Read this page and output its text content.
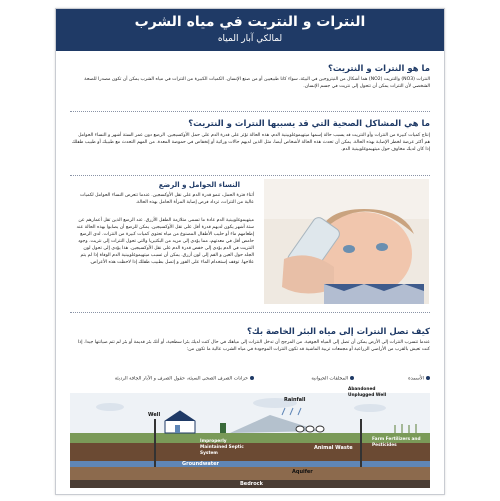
النترات و النتريت في مياه الشرب
لمالكي آبار المياه
ما هو النترات و النتريت؟
النترات (NO3) والنتريت (NO2) هما أشكال من النيتروجين في البيئة، سواء كانا طبيعيين أو من صنع الإنسان. الكميات الكبيرة من النترات في مياه الشرب يمكن أن تكون مصدرا للصحة الشخصي لأن النترات يمكن أن تتحول إلى نتريت في جسم الإنسان.
ما هي المشاكل الصحية التي قد يسببها النترات و النتريت؟
إنتاج كميات كبيرة من النترات وأو النتريت قد يسبب حالة إسمها ميتهيموغلوبينية الدم، هذه الحالة تؤثر على قدرة الدم على حمل الأوكسيجين. الرضع دون عمر الستة أشهر و النساء الحوامل هم أكثر عرضة لخطر الإصابة بهذه الحالة. يمكن أن تحدث هذه الحالة لأشخاص أيضا، مثل الذين لديهم حالات وراثية أو إنخفاض في حموضة المعدة. من المهم التحدث مع طبيبك أو طبيب طفلك إذا كان لديك مخاوف حول ميتهيموغلوبينية الدم.
النساء الحوامل و الرضع
أثناء فترة الحمل، تنمو قدرة الدم على نقل الأوكسجين. عندما تتعرض النساء الحوامل لكميات عالية من النترات، تزداد فرص إصابة المرأة الحامل بهذه الحالة.
ميتهيموغلوبينية الدم عادة ما تسمى متلازمة الطفل الأزرق. عند الرضع الذين تقل أعمارهم عن ستة أشهر يكون لديهم قدرة أقل على نقل الأوكسيجين. يمكن للرضع أن يصابوا بهذه الحالة عند إطعامهم ماء أو حليب الأطفال المصنوع من مياه تحتوي كميات كبيرة من النترات. لدى الرضع حامض أقل في معدتهم، مما يؤدي إلى مزيد من البكتيريا والتي تحول النترات إلى نتريت. وجود النتريت في الدم يؤدي إلى خفض قدرة الدم على نقل الأوكسيجين. هذا يؤدي إلى تحول لون الجلد حول العين و الفم إلى لون أزرق. يمكن أن تسبب ميتهيموغلوبينية الدم الوفاة إذا لم يتم علاجها. توقف إستخدام الماء على الفور و إتصل بطبيب طفلك إذا لاحظت هذه الأعراض.
كيف تصل النترات إلى مياه البئر الخاصة بك؟
عندما تتسرب النترات إلى الأرض يمكن أن تصل إلى المياه الجوفية. من المرجح أن تدخل النترات إلى مياهك في حال كنت لديك بئرا سطحية، أو أنك بئر قديمة أو بئر لم تتم صيانتها جيدا. إذا كنت تعيش بالقرب من الأراضي الزراعية أو مجمعات تربية الماشية قد تكون النترات الموجودة في مياه الشرب عالية ما تكون من:
الأسمدة
المخلفات الحيوانية
خزانات الصرف الصحي السيئة، حقول الصرف و الآبار الجافة الرديئة
Well
Improperly Maintained Septic System
Rainfall
Abandoned Unplugged Well
Animal Waste
Farm Fertilizers and Pesticides
Groundwater
Aquifer
Bedrock
